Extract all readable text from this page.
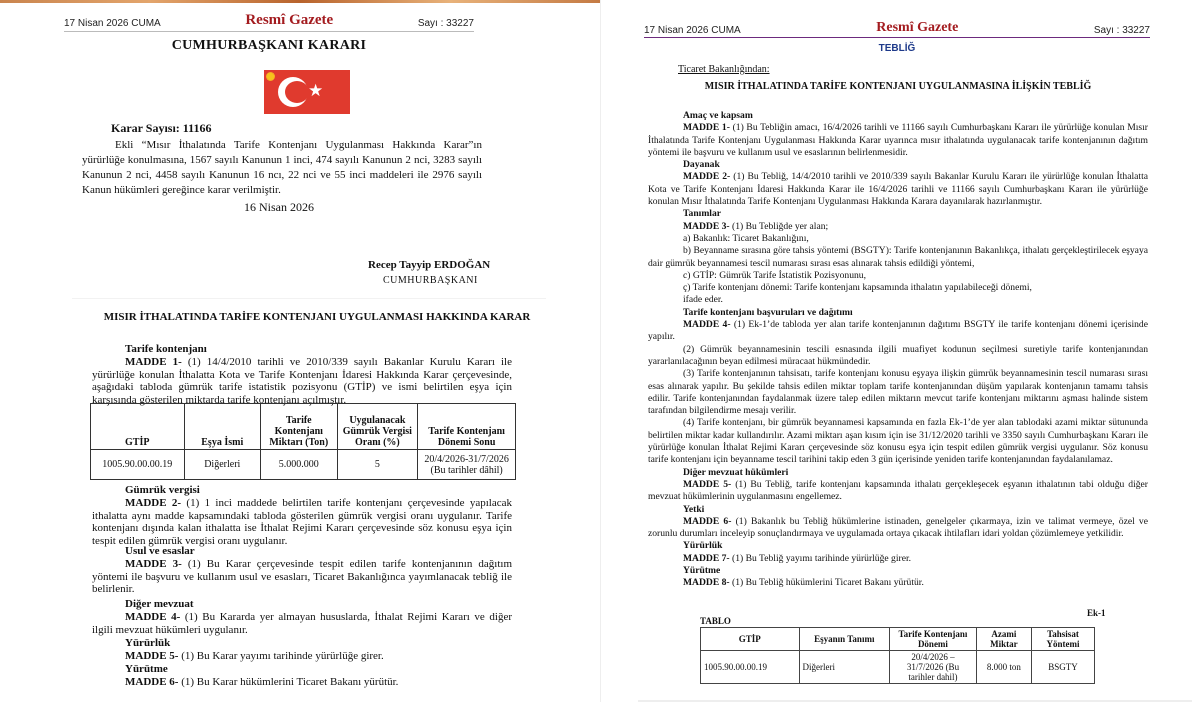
17 Nisan 2026 CUMA	Resmî Gazete	Sayı : 33227
CUMHURBAŞKANI KARARI
★
Karar Sayısı: 11166

Ekli “Mısır İthalatında Tarife Kontenjanı Uygulanması Hakkında Karar”ın yürürlüğe konulmasına, 1567 sayılı Kanunun 1 inci, 474 sayılı Kanunun 2 nci, 3283 sayılı Kanunun 2 nci, 4458 sayılı Kanunun 16 ncı, 22 nci ve 55 inci maddeleri ile 2976 sayılı Kanun hükümleri gereğince karar verilmiştir.

16 Nisan 2026
Recep Tayyip ERDOĞAN
CUMHURBAŞKANI
MISIR İTHALATINDA TARİFE KONTENJANI UYGULANMASI HAKKINDA KARAR
Tarife kontenjanı

MADDE 1- (1) 14/4/2010 tarihli ve 2010/339 sayılı Bakanlar Kurulu Kararı ile yürürlüğe konulan İthalatta Kota ve Tarife Kontenjanı İdaresi Hakkında Karar çerçevesinde, aşağıdaki tabloda gümrük tarife istatistik pozisyonu (GTİP) ve ismi belirtilen eşya için karşısında gösterilen miktarda tarife kontenjanı açılmıştır.

GTİP	Eşya İsmi	Tarife Kontenjanı Miktarı (Ton)	Uygulanacak Gümrük Vergisi Oranı (%)	Tarife Kontenjanı Dönemi Sonu
1005.90.00.00.19	Diğerleri	5.000.000	5	20/4/2026-31/7/2026 (Bu tarihler dâhil)
Gümrük vergisi

MADDE 2- (1) 1 inci maddede belirtilen tarife kontenjanı çerçevesinde yapılacak ithalatta aynı madde kapsamındaki tabloda gösterilen gümrük vergisi oranı uygulanır. Tarife kontenjanı dışında kalan ithalatta ise İthalat Rejimi Kararı çerçevesinde söz konusu eşya için tespit edilen gümrük vergisi oranı uygulanır.

Usul ve esaslar

MADDE 3- (1) Bu Karar çerçevesinde tespit edilen tarife kontenjanının dağıtım yöntemi ile başvuru ve kullanım usul ve esasları, Ticaret Bakanlığınca yayımlanacak tebliğ ile belirlenir.

Diğer mevzuat

MADDE 4- (1) Bu Kararda yer almayan hususlarda, İthalat Rejimi Kararı ve diğer ilgili mevzuat hükümleri uygulanır.

Yürürlük

MADDE 5- (1) Bu Karar yayımı tarihinde yürürlüğe girer.

Yürütme

MADDE 6- (1) Bu Karar hükümlerini Ticaret Bakanı yürütür.

17 Nisan 2026 CUMA	Resmî Gazete	Sayı : 33227
TEBLİĞ
Ticaret Bakanlığından:
MISIR İTHALATINDA TARİFE KONTENJANI UYGULANMASINA İLİŞKİN TEBLİĞ
Amaç ve kapsam

MADDE 1- (1) Bu Tebliğin amacı, 16/4/2026 tarihli ve 11166 sayılı Cumhurbaşkanı Kararı ile yürürlüğe konulan Mısır İthalatında Tarife Kontenjanı Uygulanması Hakkında Karar uyarınca mısır ithalatında uygulanacak tarife kontenjanının dağıtım yöntemi ile başvuru ve kullanım usul ve esaslarının belirlenmesidir.

Dayanak

MADDE 2- (1) Bu Tebliğ, 14/4/2010 tarihli ve 2010/339 sayılı Bakanlar Kurulu Kararı ile yürürlüğe konulan İthalatta Kota ve Tarife Kontenjanı İdaresi Hakkında Karar ile 16/4/2026 tarihli ve 11166 sayılı Cumhurbaşkanı Kararı ile yürürlüğe konulan Mısır İthalatında Tarife Kontenjanı Uygulanması Hakkında Karara dayanılarak hazırlanmıştır.

Tanımlar

MADDE 3- (1) Bu Tebliğde yer alan;

a) Bakanlık: Ticaret Bakanlığını,

b) Beyanname sırasına göre tahsis yöntemi (BSGTY): Tarife kontenjanının Bakanlıkça, ithalatı gerçekleştirilecek eşyaya dair gümrük beyannamesi tescil numarası sırası esas alınarak tahsis edildiği yöntemi,

c) GTİP: Gümrük Tarife İstatistik Pozisyonunu,
ç) Tarife kontenjanı dönemi: Tarife kontenjanı kapsamında ithalatın yapılabileceği dönemi,
ifade eder.
Tarife kontenjanı başvuruları ve dağıtımı

MADDE 4- (1) Ek-1’de tabloda yer alan tarife kontenjanının dağıtımı BSGTY ile tarife kontenjanı dönemi içerisinde yapılır.

(2) Gümrük beyannamesinin tescili esnasında ilgili muafiyet kodunun seçilmesi suretiyle tarife kontenjanından yararlanılacağının beyan edilmesi müracaat hükmündedir.

(3) Tarife kontenjanının tahsisatı, tarife kontenjanı konusu eşyaya ilişkin gümrük beyannamesinin tescil numarası sırası esas alınarak yapılır. Bu şekilde tahsis edilen miktar toplam tarife kontenjanından düşüm yapılarak kontenjanın tamamı tahsis edilir. Tarife kontenjanından faydalanmak üzere talep edilen miktarın mevcut tarife kontenjanı miktarını aşması halinde sistem tarafından bilgilendirme mesajı verilir.

(4) Tarife kontenjanı, bir gümrük beyannamesi kapsamında en fazla Ek-1’de yer alan tablodaki azami miktar sütununda belirtilen miktar kadar kullandırılır. Azami miktarı aşan kısım için ise 31/12/2020 tarihli ve 3350 sayılı Cumhurbaşkanı Kararı ile yürürlüğe konulan İthalat Rejimi Kararı çerçevesinde söz konusu eşya için tespit edilen gümrük vergisi uygulanır. Söz konusu tarife kontenjanı için beyanname tescil tarihini takip eden 3 gün içerisinde yeniden tarife kontenjanından faydalanılamaz.

Diğer mevzuat hükümleri

MADDE 5- (1) Bu Tebliğ, tarife kontenjanı kapsamında ithalatı gerçekleşecek eşyanın ithalatının tabi olduğu diğer mevzuat hükümlerinin uygulanmasını engellemez.

Yetki

MADDE 6- (1) Bakanlık bu Tebliğ hükümlerine istinaden, genelgeler çıkarmaya, izin ve talimat vermeye, özel ve zorunlu durumları inceleyip sonuçlandırmaya ve uygulamada ortaya çıkacak ihtilafları idari yoldan çözümlemeye yetkilidir.

Yürürlük

MADDE 7- (1) Bu Tebliğ yayımı tarihinde yürürlüğe girer.

Yürütme

MADDE 8- (1) Bu Tebliğ hükümlerini Ticaret Bakanı yürütür.

Ek-1
TABLO
GTİP	Eşyanın Tanımı	Tarife Kontenjanı Dönemi	Azami Miktar	Tahsisat Yöntemi
1005.90.00.00.19	Diğerleri	20/4/2026 – 31/7/2026 (Bu tarihler dahil)	8.000 ton	BSGTY
